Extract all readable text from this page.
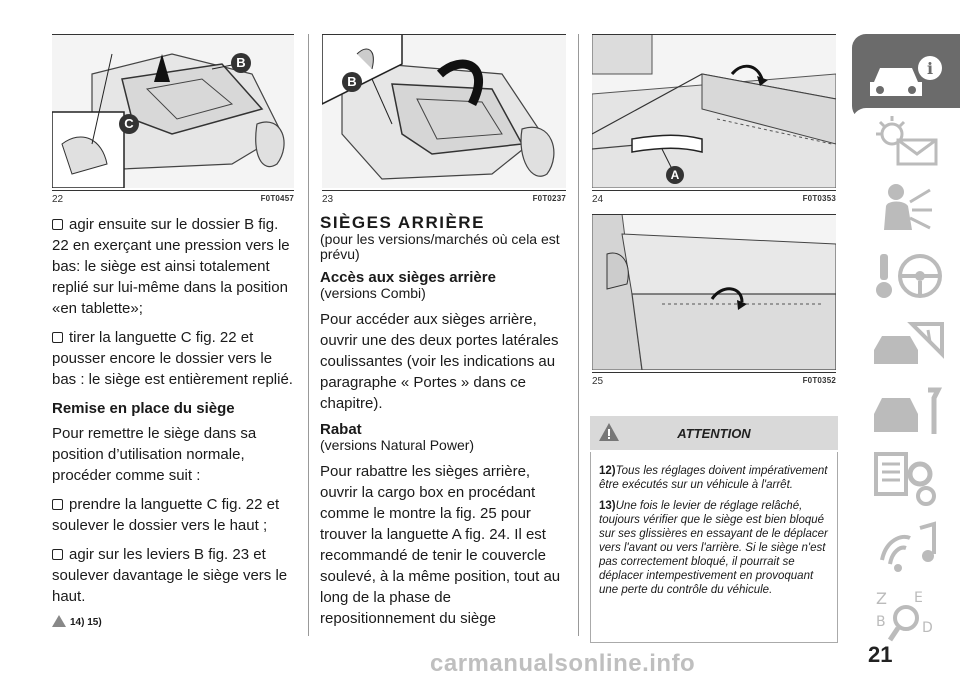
B
C
22	F0T0457
B
23	F0T0237
A
24	F0T0353
25	F0T0352

agir ensuite sur le dossier B fig. 22 en exerçant une pression vers le bas: le siège est ainsi totalement replié sur lui-même dans la position «en tablette»;

tirer la languette C fig. 22 et pousser encore le dossier vers le bas : le siège est entièrement replié.

Remise en place du siège

Pour remettre le siège dans sa position d’utilisation normale, procéder comme suit :

prendre la languette C fig. 22 et soulever le dossier vers le haut ;

agir sur les leviers B fig. 23 et soulever davantage le siège vers le haut.

14) 15)

SIÈGES ARRIÈRE

(pour les versions/marchés où cela est prévu)

Accès aux sièges arrière

(versions Combi)

Pour accéder aux sièges arrière, ouvrir une des deux portes latérales coulissantes (voir les indications au paragraphe « Portes » dans ce chapitre).

Rabat

(versions Natural Power)

Pour rabattre les sièges arrière, ouvrir la cargo box en procédant comme le montre la fig. 25 pour trouver la languette A fig. 24. Il est recommandé de tenir le couvercle soulevé, à la même position, tout au long de la phase de repositionnement du siège

ATTENTION

12)Tous les réglages doivent impérativement être exécutés sur un véhicule à l'arrêt.

13)Une fois le levier de réglage relâché, toujours vérifier que le siège est bien bloqué sur ses glissières en essayant de le déplacer vers l'avant ou vers l'arrière. Si le siège n'est pas correctement bloqué, il pourrait se déplacer intempestivement en provoquant une perte du contrôle du véhicule.

i
Z E
B	D
21
carmanualsonline.info
